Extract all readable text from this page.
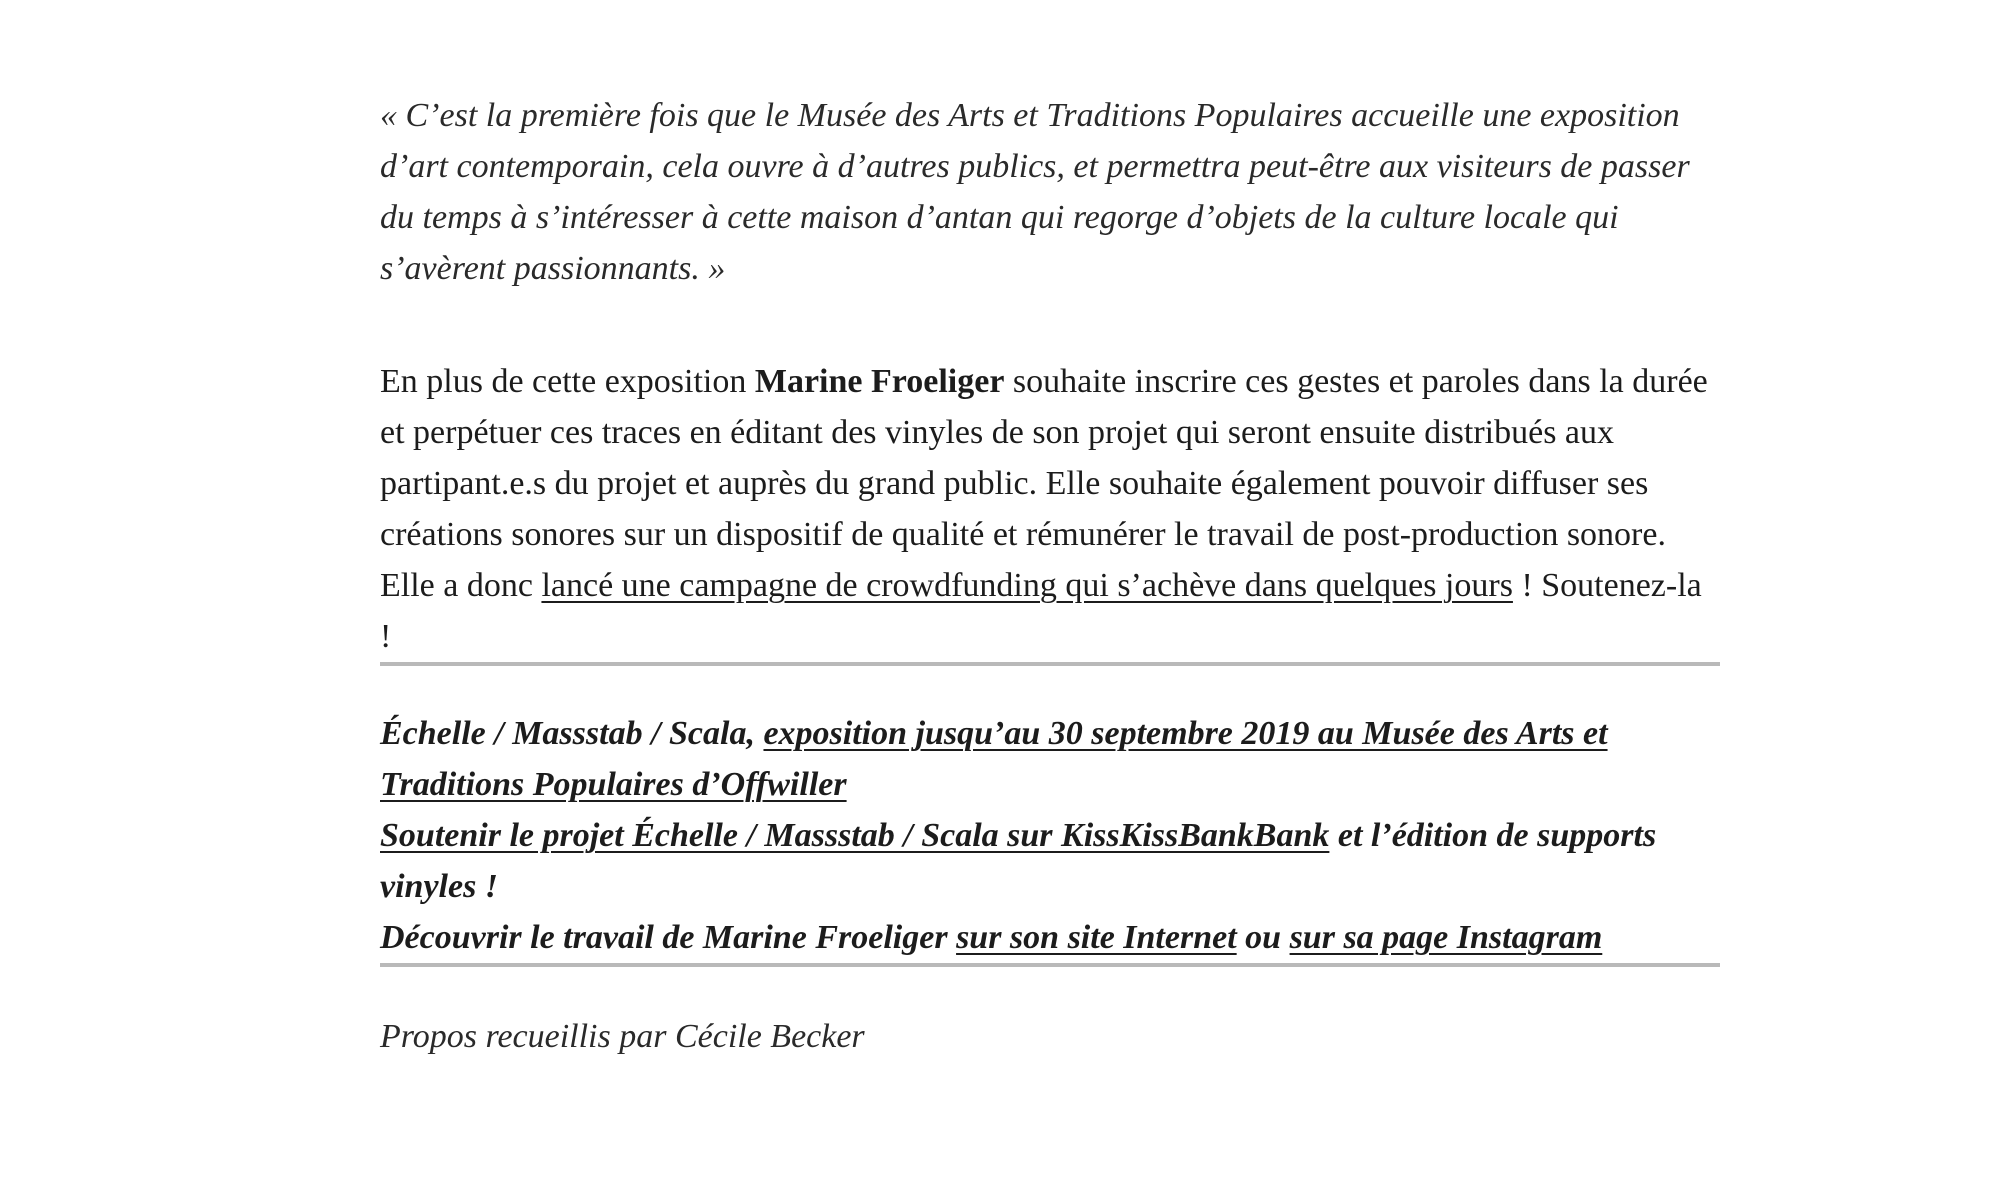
« C’est la première fois que le Musée des Arts et Traditions Populaires accueille une exposition d’art contemporain, cela ouvre à d’autres publics, et permettra peut-être aux visiteurs de passer du temps à s’intéresser à cette maison d’antan qui regorge d’objets de la culture locale qui s’avèrent passionnants. »

En plus de cette exposition Marine Froeliger souhaite inscrire ces gestes et paroles dans la durée et perpétuer ces traces en éditant des vinyles de son projet qui seront ensuite distribués aux partipant.e.s du projet et auprès du grand public. Elle souhaite également pouvoir diffuser ses créations sonores sur un dispositif de qualité et rémunérer le travail de post-production sonore. Elle a donc lancé une campagne de crowdfunding qui s’achève dans quelques jours ! Soutenez-la !

Échelle / Massstab / Scala, exposition jusqu’au 30 septembre 2019 au Musée des Arts et Traditions Populaires d’Offwiller
Soutenir le projet Échelle / Massstab / Scala sur KissKissBankBank et l’édition de supports vinyles !
Découvrir le travail de Marine Froeliger sur son site Internet ou sur sa page Instagram

Propos recueillis par Cécile Becker
